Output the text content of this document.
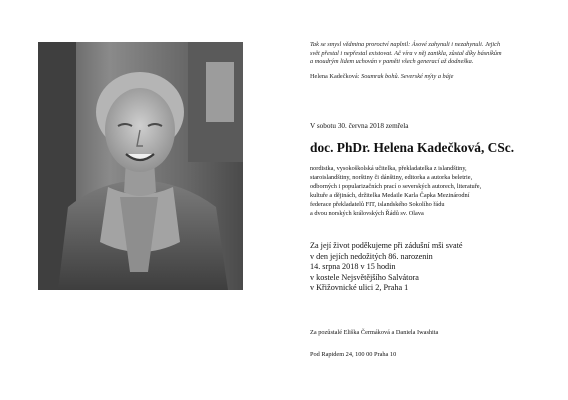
Tak se smysl vědmina proroctví naplnil: Ásové zahynuli i nezahynuli. Jejich
svět přestal i nepřestal existovat. Ač víra v něj zanikla, zůstal díky básníkům
a moudrým lidem uchován v paměti všech generací až dodneška.
Helena Kadečková: Soumrak bohů. Severské mýty a báje
V sobotu 30. června 2018 zemřela
doc. PhDr. Helena Kadečková, CSc.
nordistka, vysokoškolská učitelka, překladatelka z islandštiny,
staroislandštiny, norštiny či dánštiny, editorka a autorka beletrie,
odborných i popularizačních prací o severských autorech, literatuře,
kultuře a dějinách, držitelka Medaile Karla Čapka Mezinárodní
federace překladatelů FIT, islandského Sokolího řádu
a dvou norských královských Řádů sv. Olava
Za její život poděkujeme při zádušní mši svaté
v den jejích nedožitých 86. narozenin
14. srpna 2018 v 15 hodin
v kostele Nejsvětějšího Salvátora
v Křižovnické ulici 2, Praha 1
Za pozůstalé Eliška Čermáková a Daniela Iwashita
Pod Rapidem 24, 100 00 Praha 10
